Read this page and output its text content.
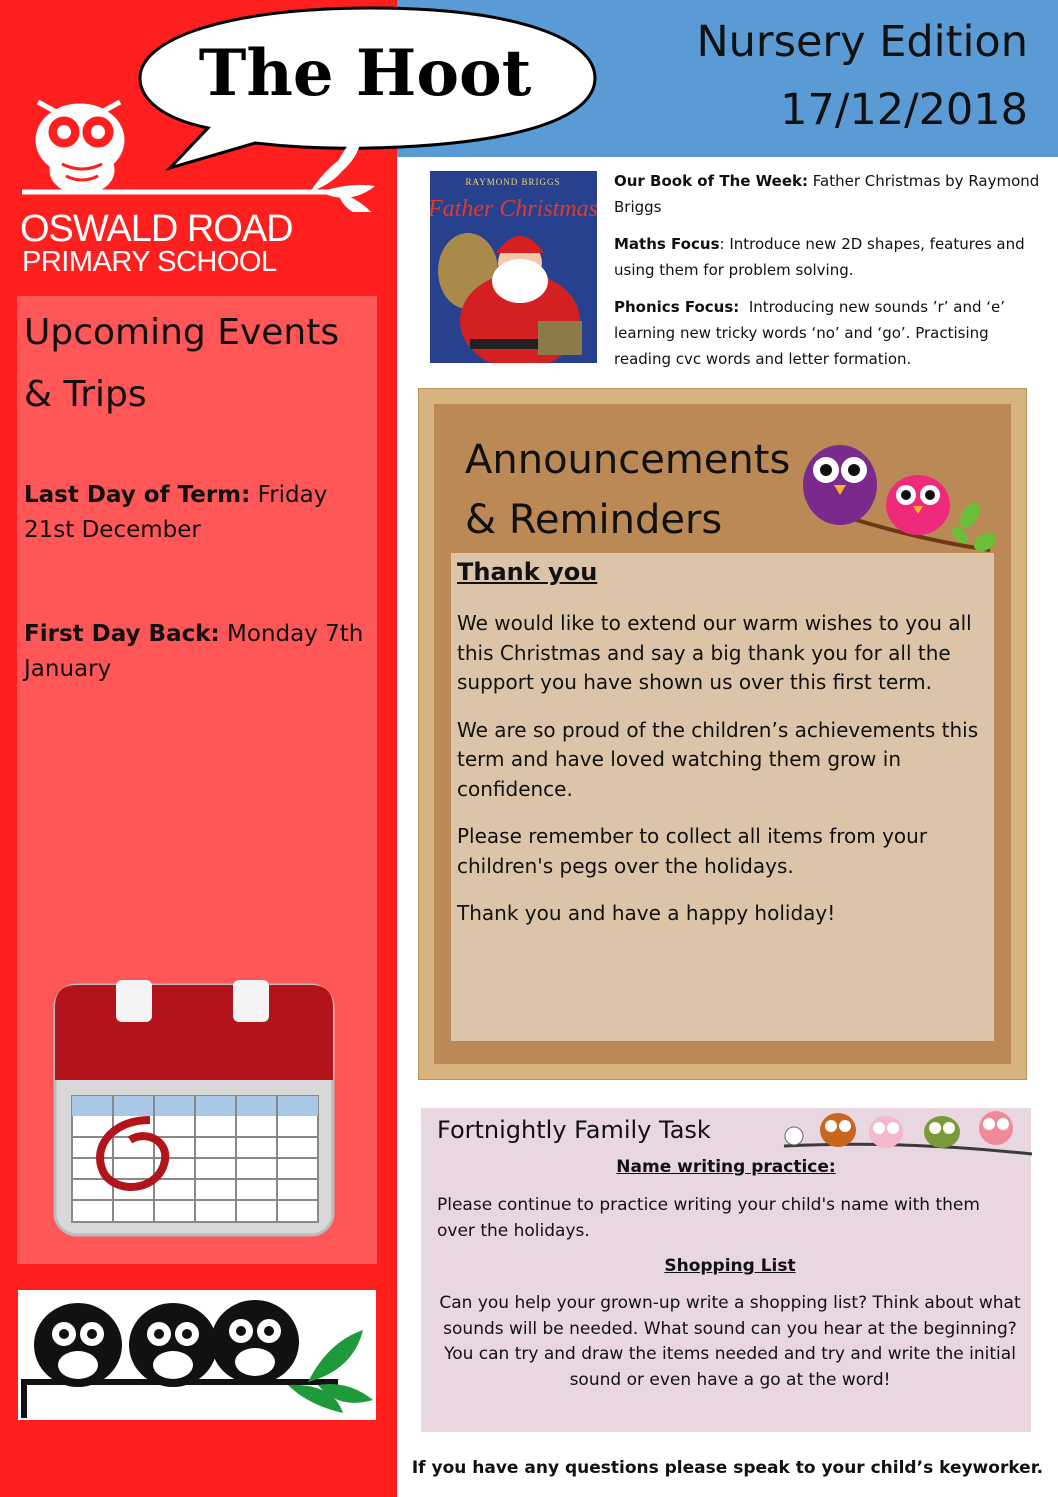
The Hoot	Nursery Edition
17/12/2018
OSWALD ROAD
PRIMARY SCHOOL
Upcoming Events
& Trips
Last Day of Term: Friday 21st December
First Day Back: Monday 7th January
RAYMOND BRIGGS
Father Christmas

Our Book of The Week: Father Christmas by Raymond Briggs

Maths Focus: Introduce new 2D shapes, features and using them for problem solving.

Phonics Focus: Introducing new sounds ’r’ and ‘e’ learning new tricky words ‘no’ and ‘go’. Practising reading cvc words and letter formation.

Announcements
& Reminders
Thank you

We would like to extend our warm wishes to you all this Christmas and say a big thank you for all the support you have shown us over this first term.

We are so proud of the children’s achievements this term and have loved watching them grow in confidence.

Please remember to collect all items from your children's pegs over the holidays.

Thank you and have a happy holiday!

Fortnightly Family Task
Name writing practice:
Please continue to practice writing your child's name with them over the holidays.
Shopping List
Can you help your grown-up write a shopping list? Think about what sounds will be needed. What sound can you hear at the beginning? You can try and draw the items needed and try and write the initial sound or even have a go at the word!
If you have any questions please speak to your child’s keyworker.
